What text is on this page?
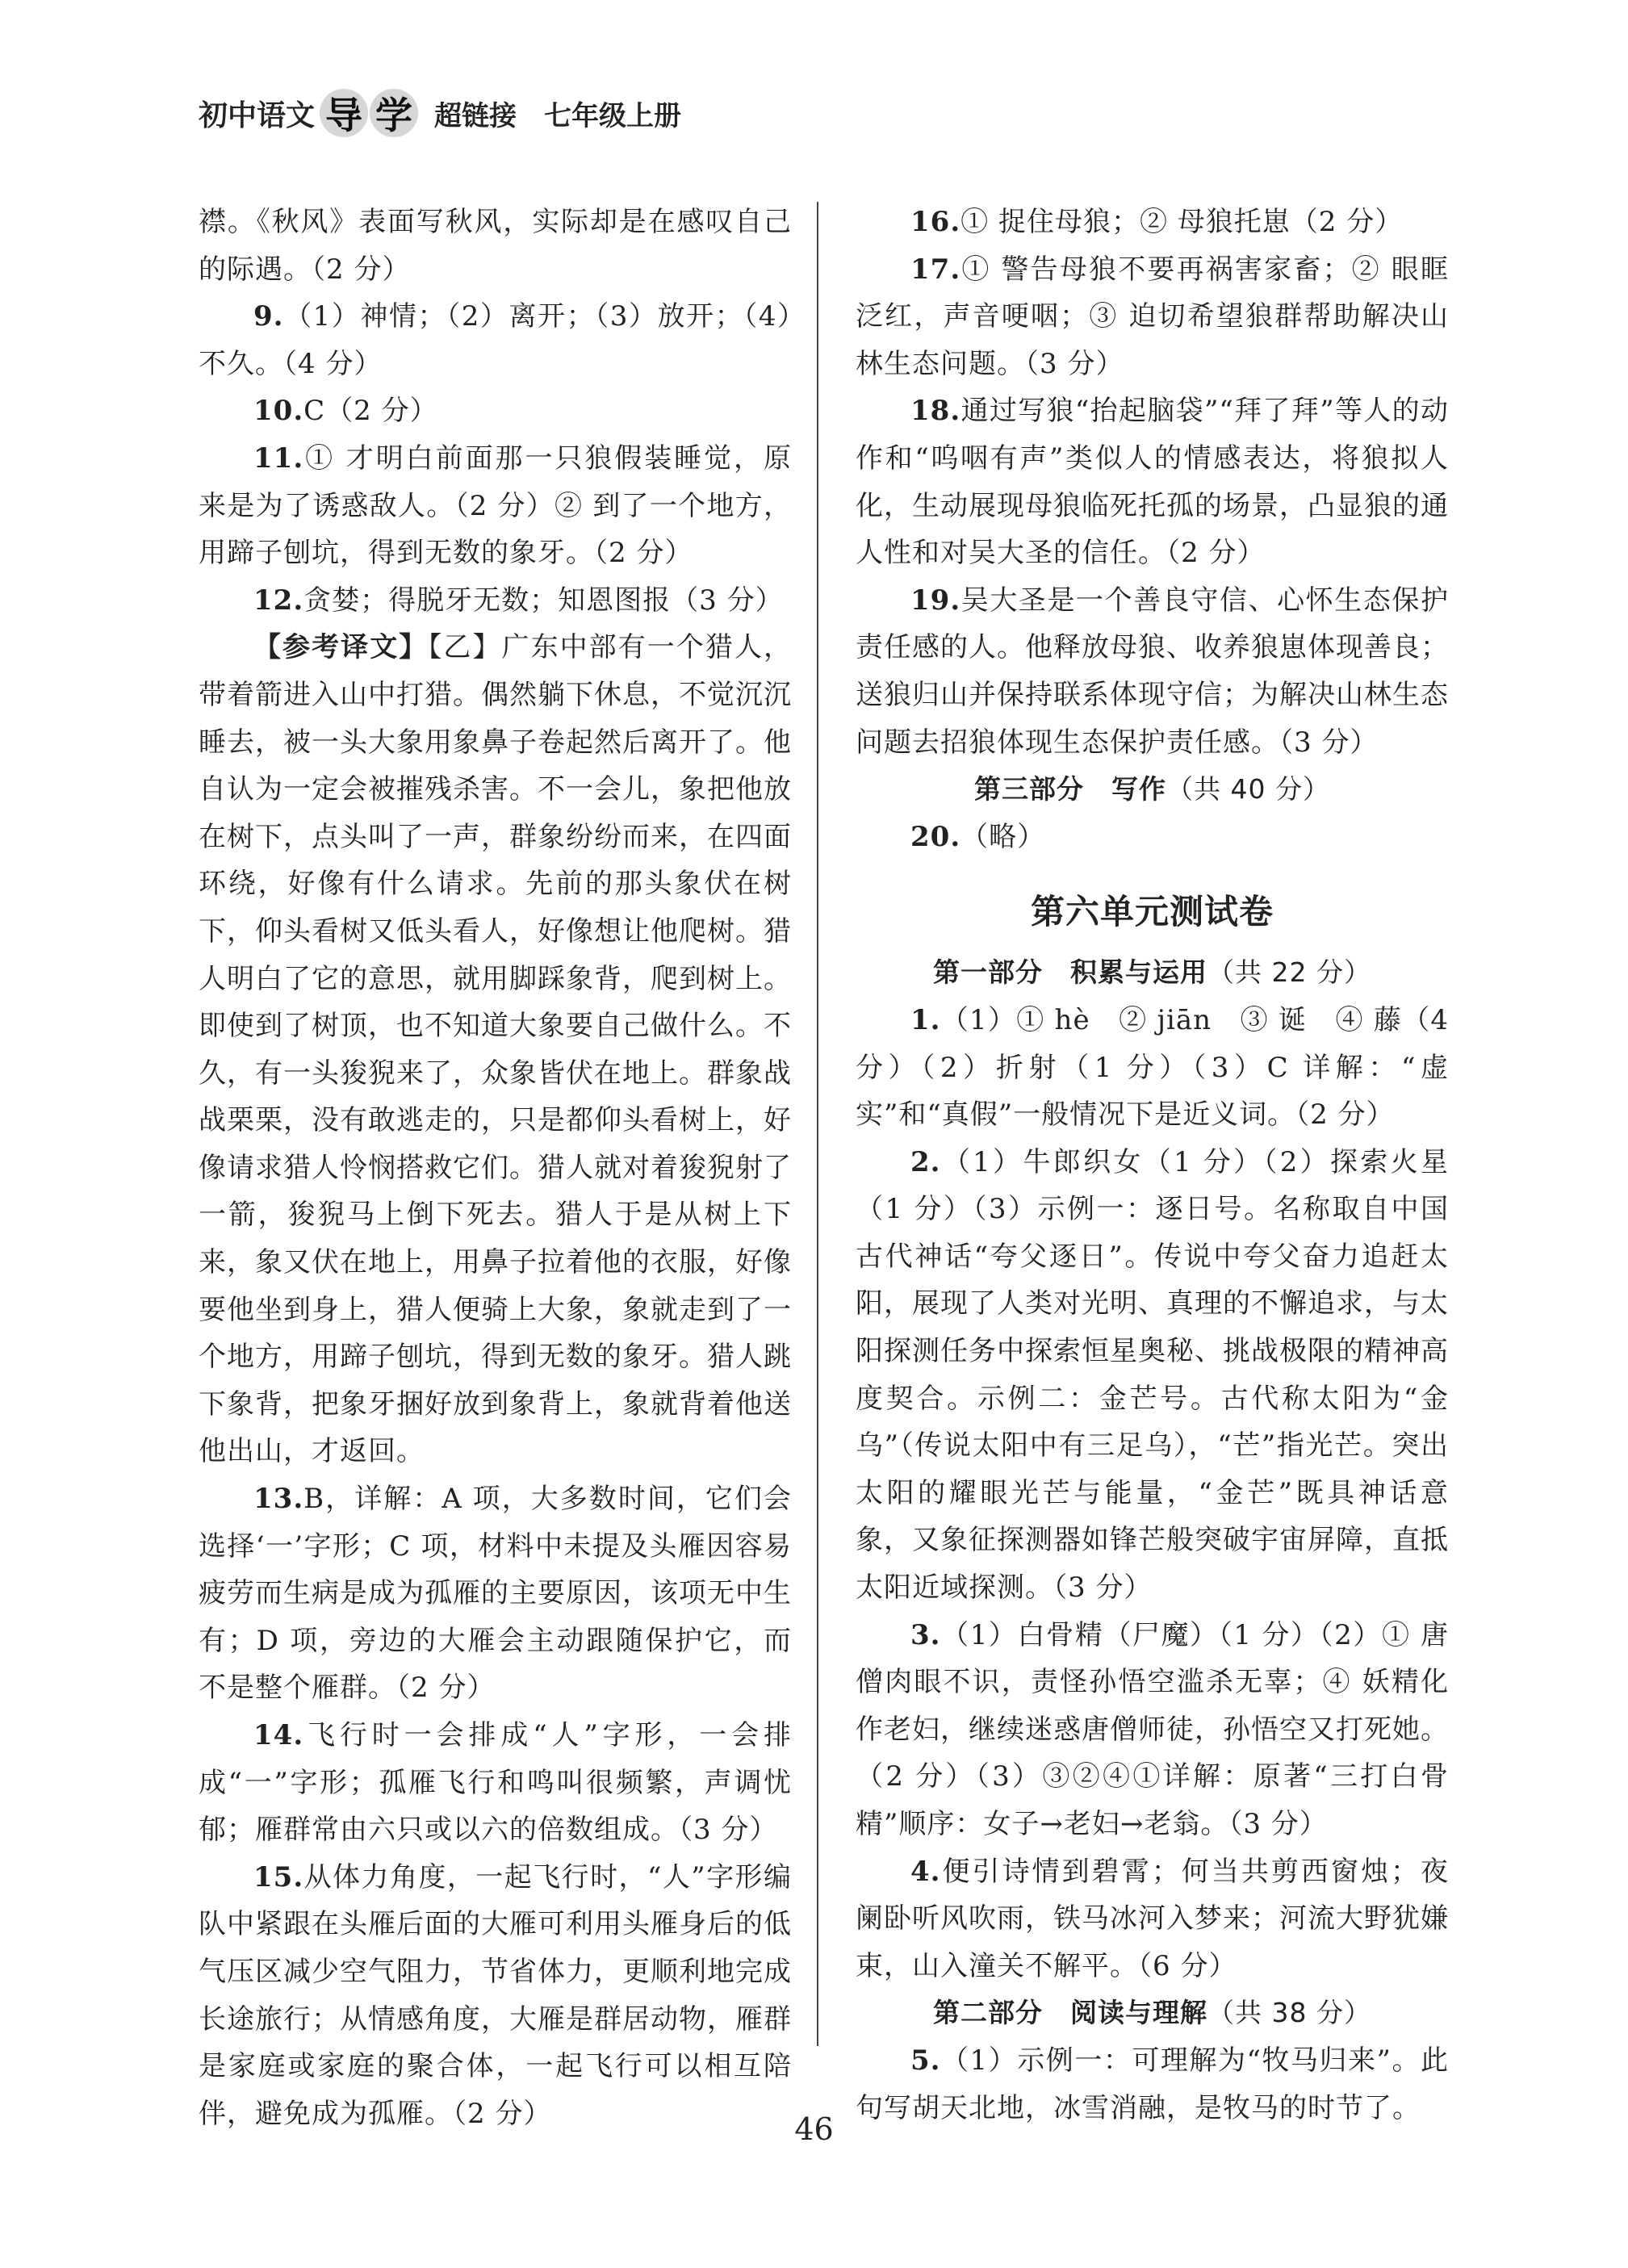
初中语文 导 学 超链接 七年级上册

襟。《秋风》表面写秋风，实际却是在感叹自己的际遇。（2 分）

9.（1）神情；（2）离开；（3）放开；（4）不久。（4 分）

10.C（2 分）

11.① 才明白前面那一只狼假装睡觉，原来是为了诱惑敌人。（2 分）② 到了一个地方，用蹄子刨坑，得到无数的象牙。（2 分）

12.贪婪；得脱牙无数；知恩图报（3 分）

【参考译文】【乙】广东中部有一个猎人，带着箭进入山中打猎。偶然躺下休息，不觉沉沉睡去，被一头大象用象鼻子卷起然后离开了。他自认为一定会被摧残杀害。不一会儿，象把他放在树下，点头叫了一声，群象纷纷而来，在四面环绕，好像有什么请求。先前的那头象伏在树下，仰头看树又低头看人，好像想让他爬树。猎人明白了它的意思，就用脚踩象背，爬到树上。即使到了树顶，也不知道大象要自己做什么。不久，有一头狻猊来了，众象皆伏在地上。群象战战栗栗，没有敢逃走的，只是都仰头看树上，好像请求猎人怜悯搭救它们。猎人就对着狻猊射了一箭，狻猊马上倒下死去。猎人于是从树上下来，象又伏在地上，用鼻子拉着他的衣服，好像要他坐到身上，猎人便骑上大象，象就走到了一个地方，用蹄子刨坑，得到无数的象牙。猎人跳下象背，把象牙捆好放到象背上，象就背着他送他出山，才返回。

13.B，详解：A 项，大多数时间，它们会选择‘一’字形；C 项，材料中未提及头雁因容易疲劳而生病是成为孤雁的主要原因，该项无中生有；D 项，旁边的大雁会主动跟随保护它，而不是整个雁群。（2 分）

14.飞行时一会排成“人”字形，一会排成“一”字形；孤雁飞行和鸣叫很频繁，声调忧郁；雁群常由六只或以六的倍数组成。（3 分）

15.从体力角度，一起飞行时，“人”字形编队中紧跟在头雁后面的大雁可利用头雁身后的低气压区减少空气阻力，节省体力，更顺利地完成长途旅行；从情感角度，大雁是群居动物，雁群是家庭或家庭的聚合体，一起飞行可以相互陪伴，避免成为孤雁。（2 分）

16.① 捉住母狼；② 母狼托崽（2 分）

17.① 警告母狼不要再祸害家畜；② 眼眶泛红，声音哽咽；③ 迫切希望狼群帮助解决山林生态问题。（3 分）

18.通过写狼“抬起脑袋”“拜了拜”等人的动作和“呜咽有声”类似人的情感表达，将狼拟人化，生动展现母狼临死托孤的场景，凸显狼的通人性和对吴大圣的信任。（2 分）

19.吴大圣是一个善良守信、心怀生态保护责任感的人。他释放母狼、收养狼崽体现善良；送狼归山并保持联系体现守信；为解决山林生态问题去招狼体现生态保护责任感。（3 分）

第三部分　写作（共 40 分）

20.（略）

第六单元测试卷

第一部分　积累与运用（共 22 分）

1.（1）① hè　② jiān　③ 诞　④ 藤（4 分）（2）折射（1 分）（3）C 详解：“虚实”和“真假”一般情况下是近义词。（2 分）

2.（1）牛郎织女（1 分）（2）探索火星（1 分）（3）示例一：逐日号。名称取自中国古代神话“夸父逐日”。传说中夸父奋力追赶太阳，展现了人类对光明、真理的不懈追求，与太阳探测任务中探索恒星奥秘、挑战极限的精神高度契合。示例二：金芒号。古代称太阳为“金乌”（传说太阳中有三足乌），“芒”指光芒。突出太阳的耀眼光芒与能量，“金芒”既具神话意象，又象征探测器如锋芒般突破宇宙屏障，直抵太阳近域探测。（3 分）

3.（1）白骨精（尸魔）（1 分）（2）① 唐僧肉眼不识，责怪孙悟空滥杀无辜；④ 妖精化作老妇，继续迷惑唐僧师徒，孙悟空又打死她。（2 分）（3）③②④①详解：原著“三打白骨精”顺序：女子→老妇→老翁。（3 分）

4.便引诗情到碧霄；何当共剪西窗烛；夜阑卧听风吹雨，铁马冰河入梦来；河流大野犹嫌束，山入潼关不解平。（6 分）

第二部分　阅读与理解（共 38 分）

5.（1）示例一：可理解为“牧马归来”。此句写胡天北地，冰雪消融，是牧马的时节了。

46
